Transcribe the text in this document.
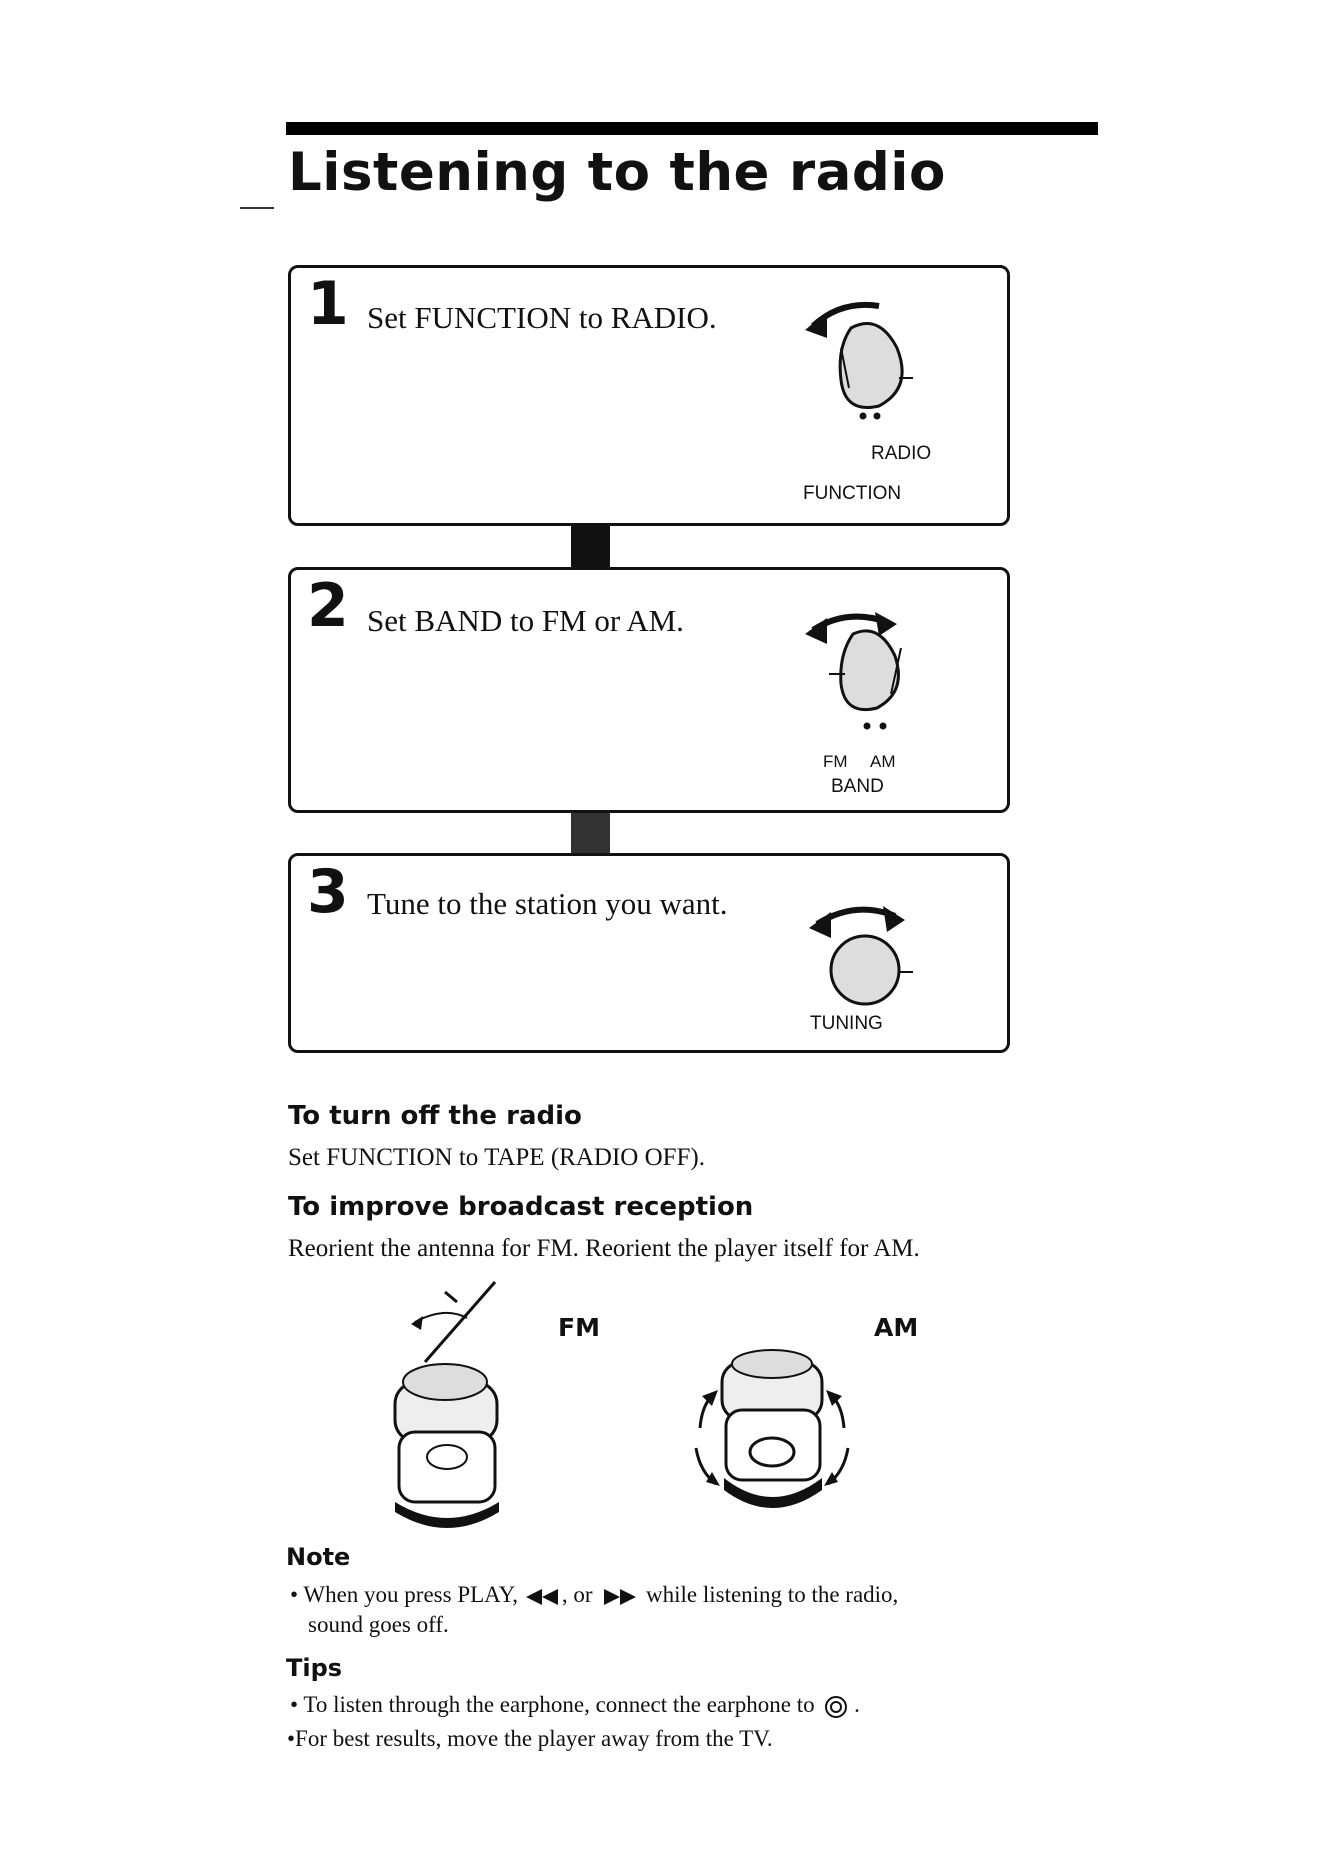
Listening to the radio
1 Set FUNCTION to RADIO.
RADIO
FUNCTION
2 Set BAND to FM or AM.
FM AM
BAND
3 Tune to the station you want.
TUNING
To turn off the radio
Set FUNCTION to TAPE (RADIO OFF).
To improve broadcast reception
Reorient the antenna for FM. Reorient the player itself for AM.
FM	AM
Note
• When you press PLAY, , or while listening to the radio,
sound goes off.
Tips
• To listen through the earphone, connect the earphone to .
•For best results, move the player away from the TV.
